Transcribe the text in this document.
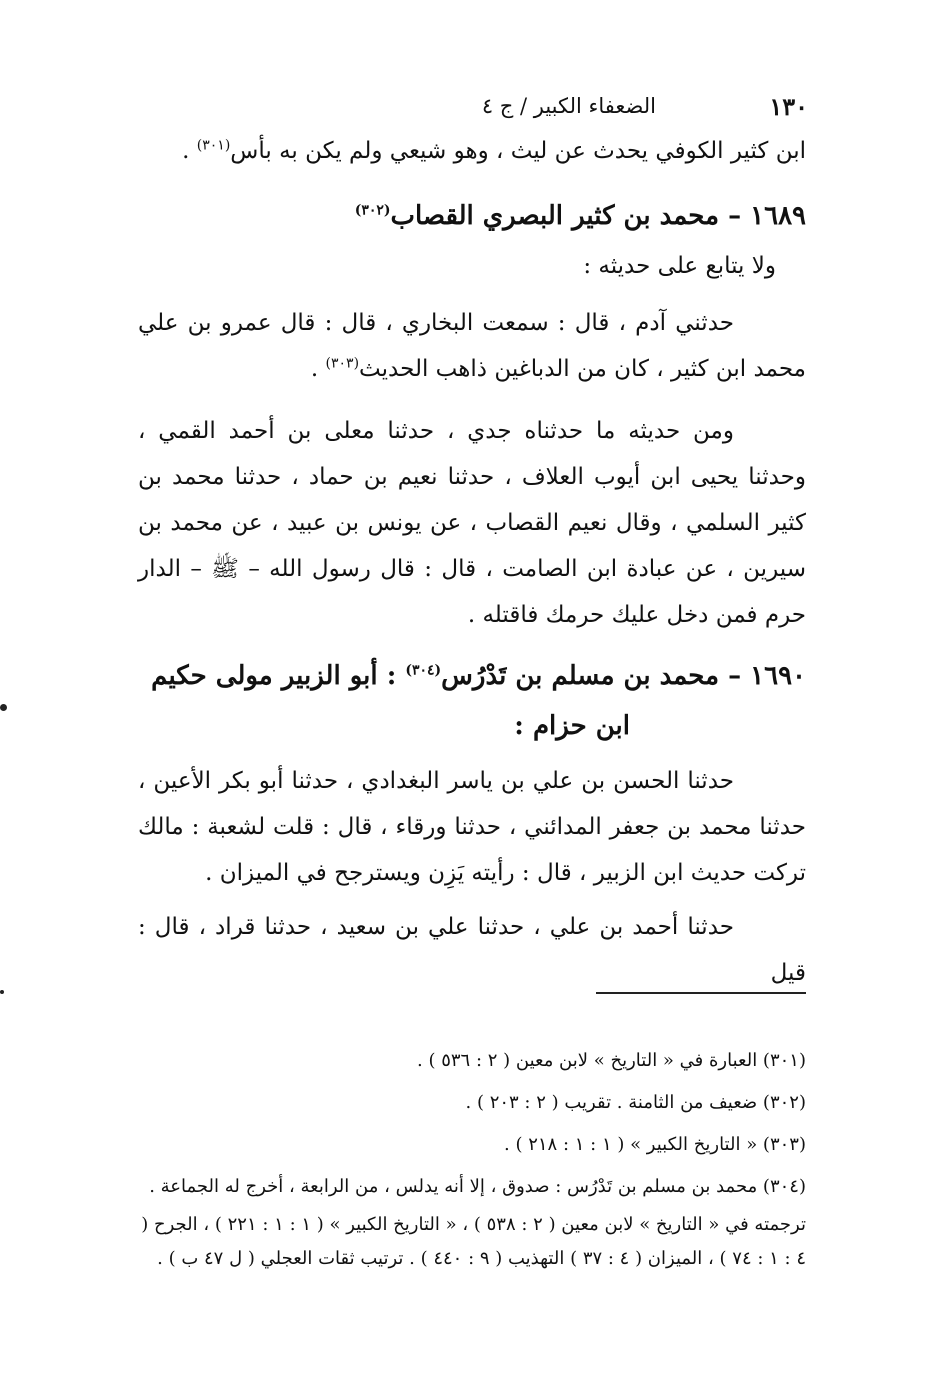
١٣٠
الضعفاء الكبير / ج ٤

ابن كثير الكوفي يحدث عن ليث ، وهو شيعي ولم يكن به بأس$^{(٣٠١)}$ .

١٦٨٩ – محمد بن كثير البصري القصاب$^{(٣٠٢)}$
ولا يتابع على حديثه :

حدثني آدم ، قال : سمعت البخاري ، قال : قال عمرو بن علي محمد ابن كثير ، كان من الدباغين ذاهب الحديث$^{(٣٠٣)}$ .

ومن حديثه ما حدثناه جدي ، حدثنا معلى بن أحمد القمي ، وحدثنا يحيى ابن أيوب العلاف ، حدثنا نعيم بن حماد ، حدثنا محمد بن كثير السلمي ، وقال نعيم القصاب ، عن يونس بن عبيد ، عن محمد بن سيرين ، عن عبادة ابن الصامت ، قال : قال رسول الله – ﷺ – الدار حرم فمن دخل عليك حرمك فاقتله .

١٦٩٠ – محمد بن مسلم بن تَدْرُس$^{(٣٠٤)}$ : أبو الزبير مولى حكيم
ابن حزام :

حدثنا الحسن بن علي بن ياسر البغدادي ، حدثنا أبو بكر الأعين ، حدثنا محمد بن جعفر المدائني ، حدثنا ورقاء ، قال : قلت لشعبة : مالك تركت حديث ابن الزبير ، قال : رأيته يَزِن ويسترجح في الميزان .

حدثنا أحمد بن علي ، حدثنا علي بن سعيد ، حدثنا قراد ، قال : قيل

(٣٠١) العبارة في « التاريخ » لابن معين ( ٢ : ٥٣٦ ) .

(٣٠٢) ضعيف من الثامنة . تقريب ( ٢ : ٢٠٣ ) .

(٣٠٣) « التاريخ الكبير » ( ١ : ١ : ٢١٨ ) .

(٣٠٤) محمد بن مسلم بن تَدْرُس : صدوق ، إلا أنه يدلس ، من الرابعة ، أخرج له الجماعة .

ترجمته في « التاريخ » لابن معين ( ٢ : ٥٣٨ ) ، « التاريخ الكبير » ( ١ : ١ : ٢٢١ ) ، الجرح ( ٤ : ١ : ٧٤ ) ، الميزان ( ٤ : ٣٧ ) التهذيب ( ٩ : ٤٤٠ ) . ترتيب ثقات العجلي ( ل ٤٧ ب ) .
